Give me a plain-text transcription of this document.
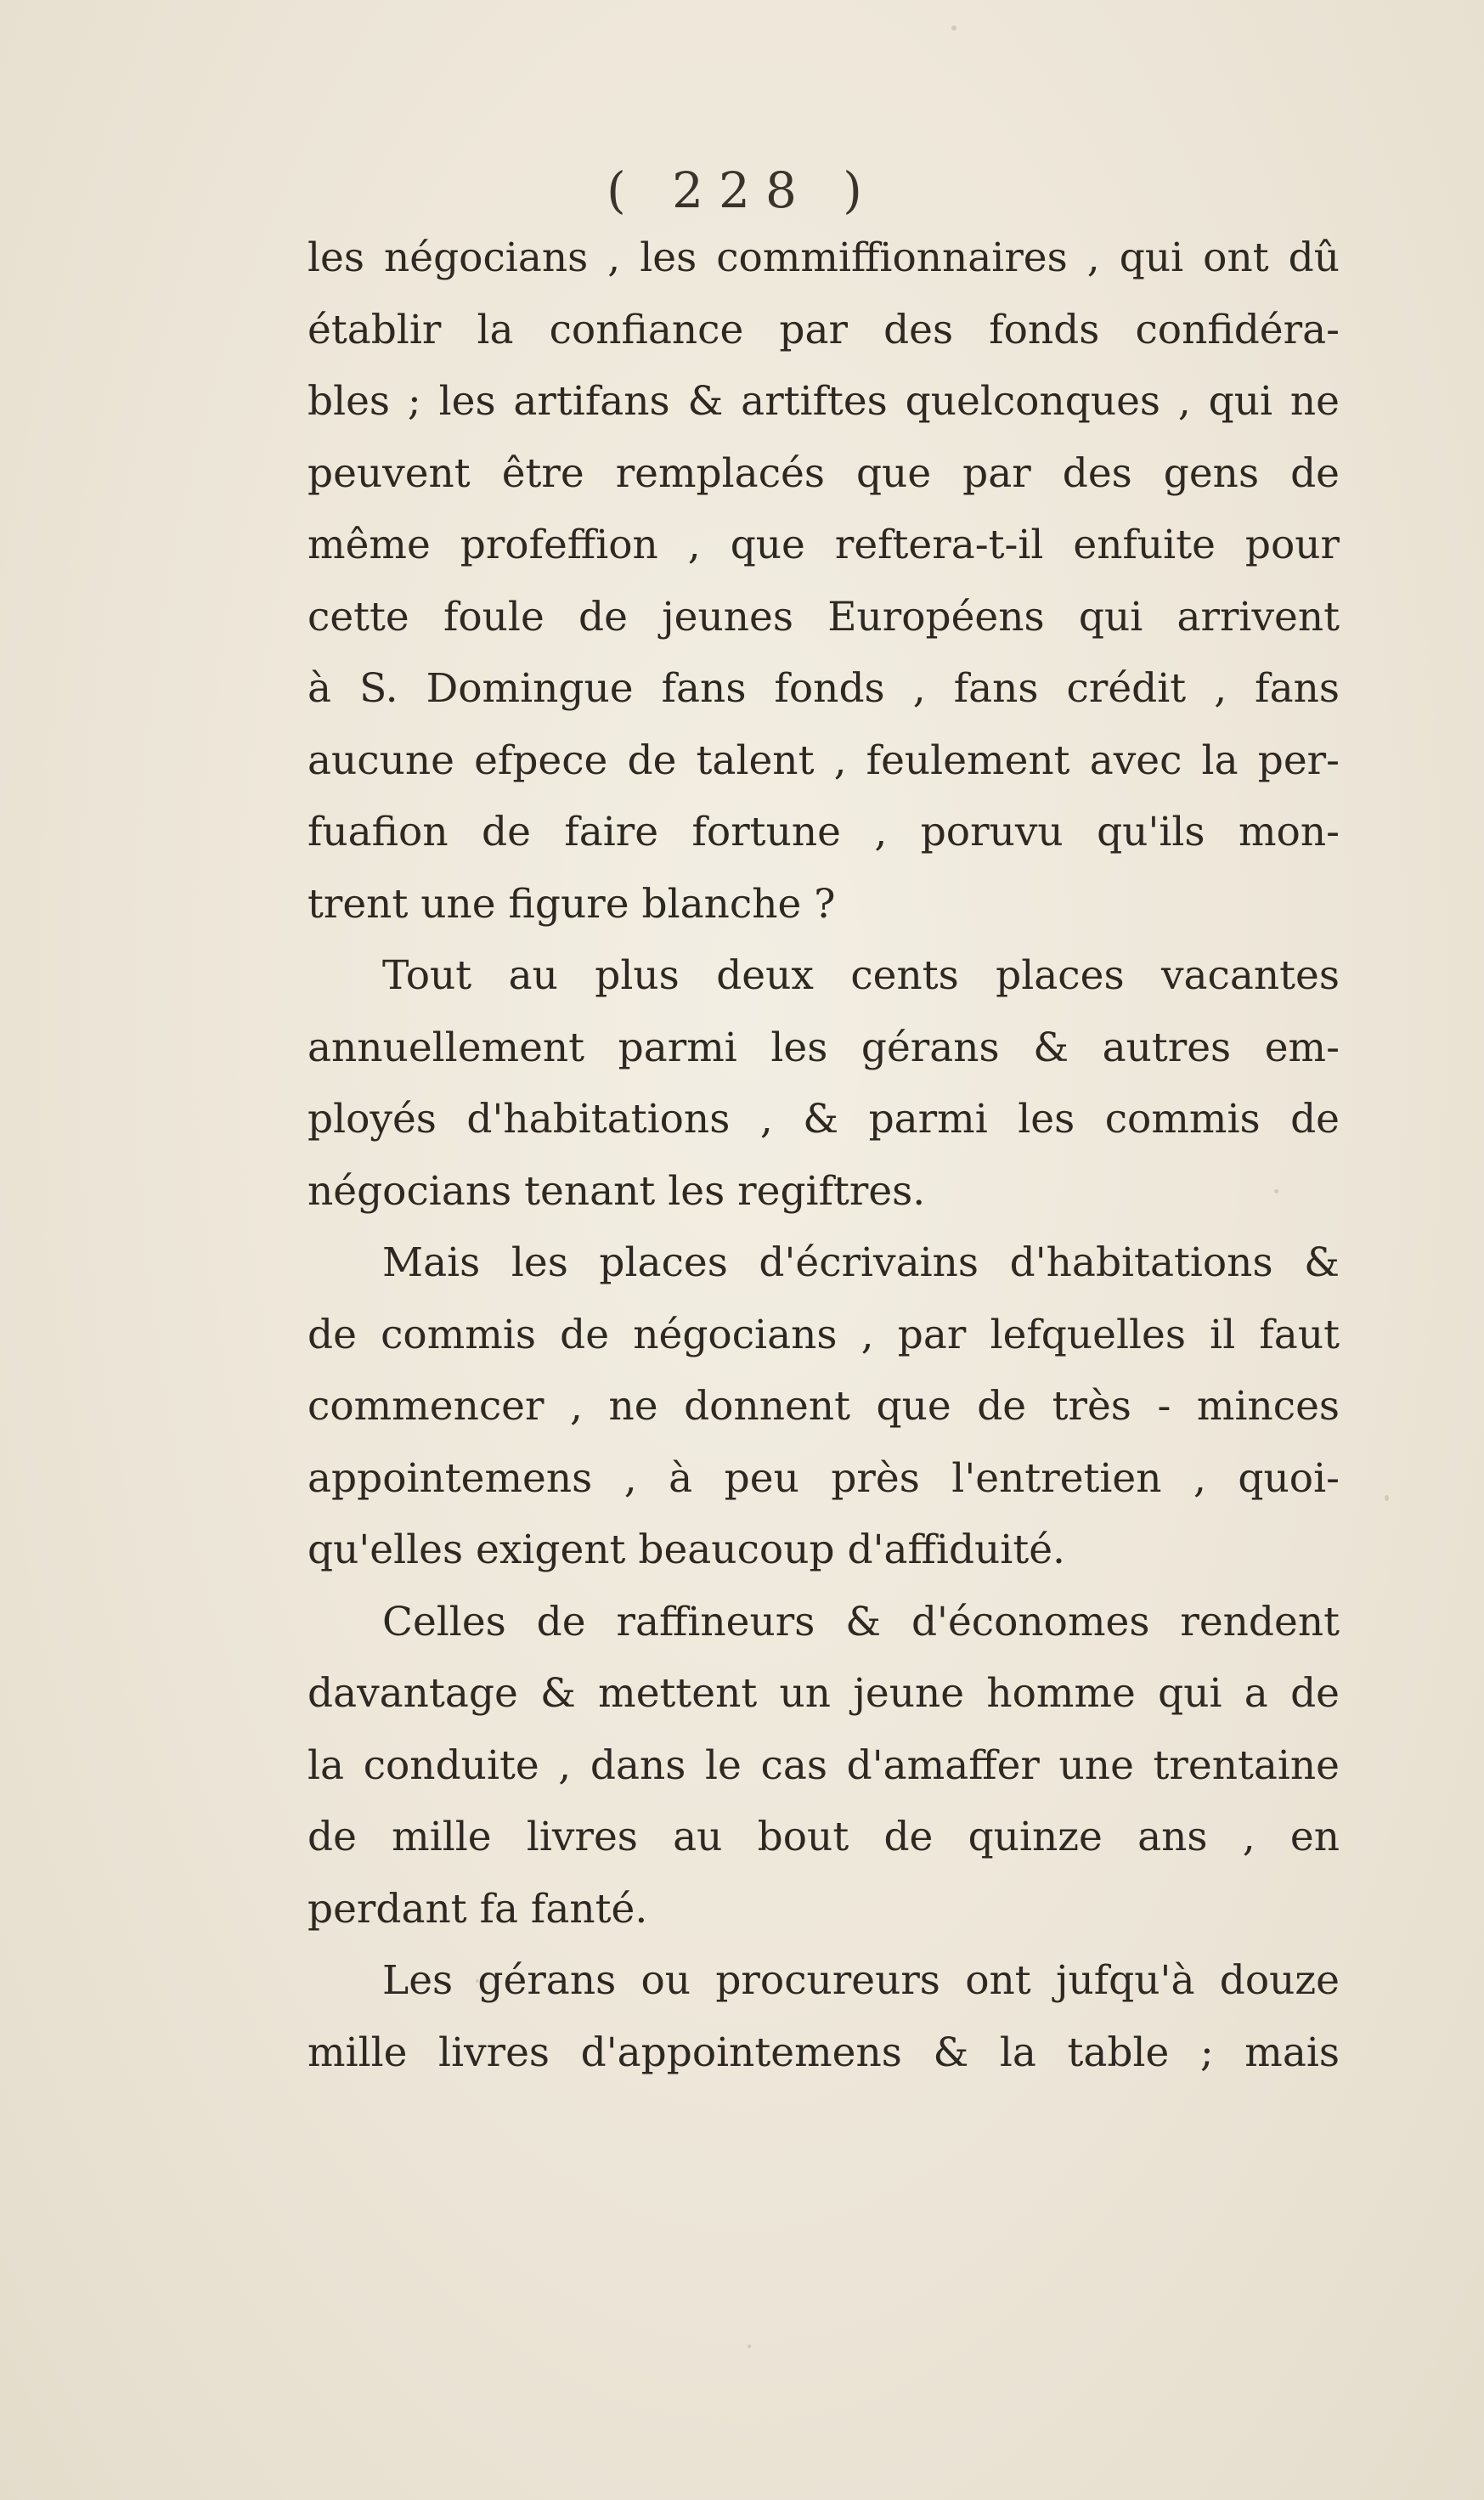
( 228 )
les négocians , les commiffionnaires , qui ont dû
établir la confiance par des fonds confidéra-
bles ; les artifans & artiftes quelconques , qui ne
peuvent être remplacés que par des gens de
même profeffion , que reftera-t-il enfuite pour
cette foule de jeunes Européens qui arrivent
à S. Domingue fans fonds , fans crédit , fans
aucune efpece de talent , feulement avec la per-
fuafion de faire fortune , poruvu qu'ils mon-
trent une figure blanche ?
Tout au plus deux cents places vacantes
annuellement parmi les gérans & autres em-
ployés d'habitations , & parmi les commis de
négocians tenant les regiftres.
Mais les places d'écrivains d'habitations &
de commis de négocians , par lefquelles il faut
commencer , ne donnent que de très - minces
appointemens , à peu près l'entretien , quoi-
qu'elles exigent beaucoup d'affiduité.
Celles de raffineurs & d'économes rendent
davantage & mettent un jeune homme qui a de
la conduite , dans le cas d'amaffer une trentaine
de mille livres au bout de quinze ans , en
perdant fa fanté.
Les gérans ou procureurs ont jufqu'à douze
mille livres d'appointemens & la table ; mais
